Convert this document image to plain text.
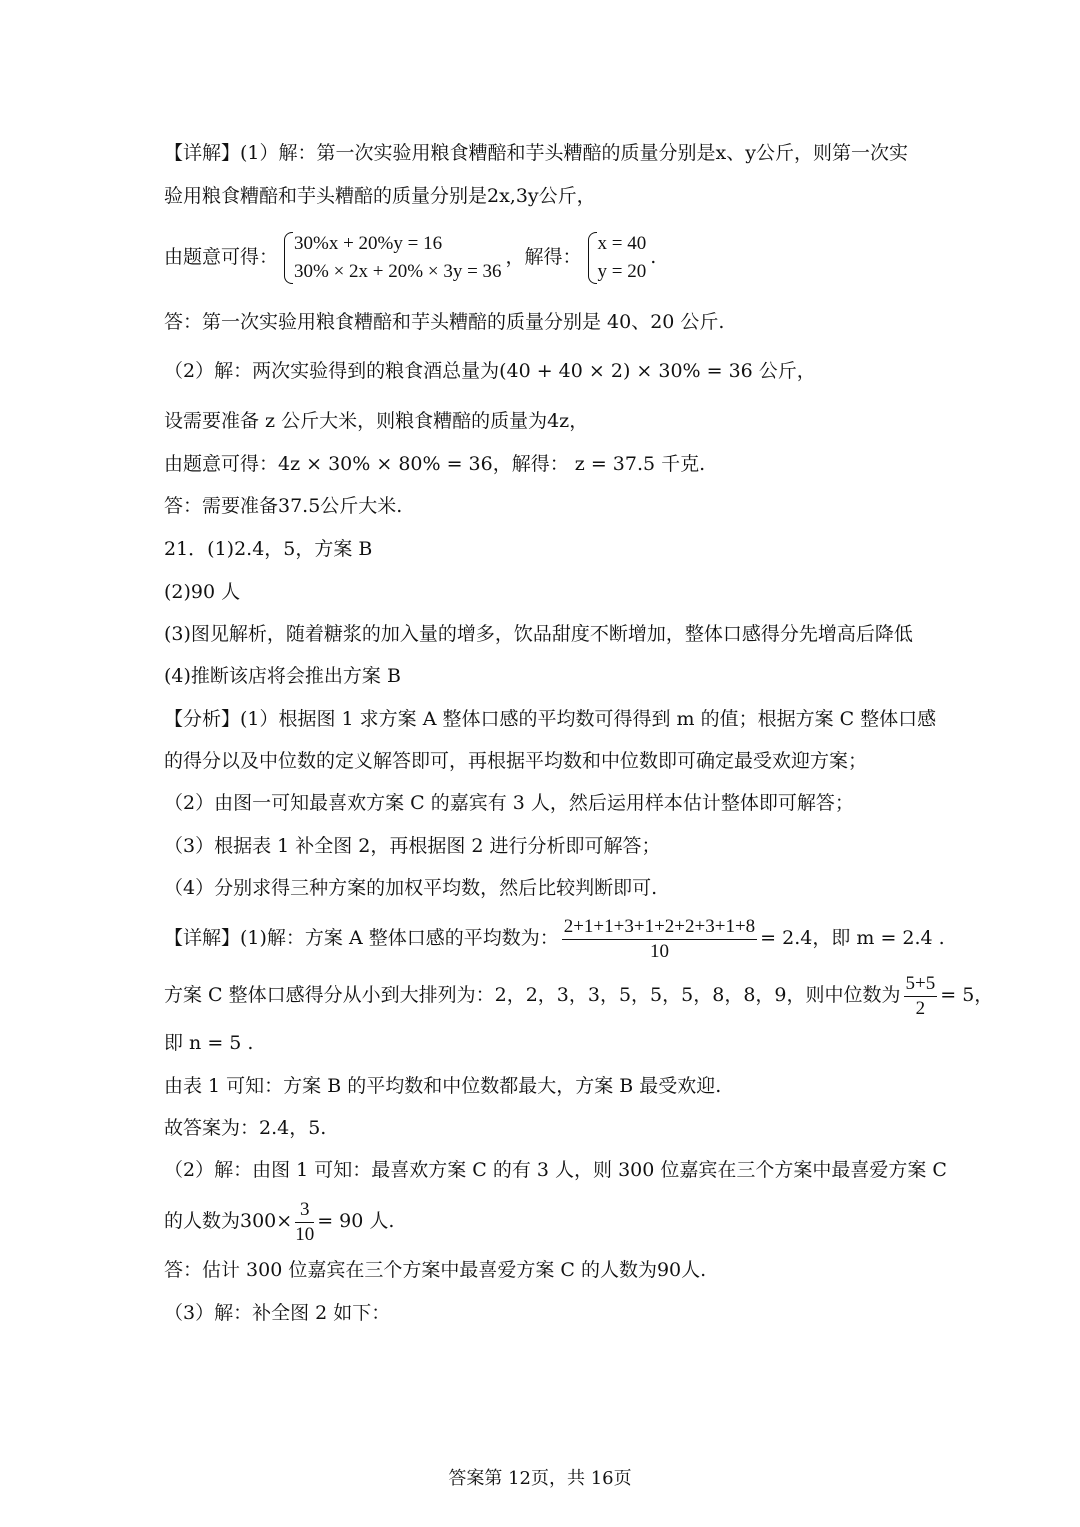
【详解】(1）解：第一次实验用粮食糟醅和芋头糟醅的质量分别是x、y公斤，则第一次实
验用粮食糟醅和芋头糟醅的质量分别是2x,3y公斤，
由题意可得：
30%x + 20%y = 16
30% × 2x + 20% × 3y = 36
，解得：
x = 40
y = 20
.
答：第一次实验用粮食糟醅和芋头糟醅的质量分别是 40、20 公斤.
（2）解：两次实验得到的粮食酒总量为(40 + 40 × 2) × 30% = 36 公斤，
设需要准备 z 公斤大米，则粮食糟醅的质量为4z，
由题意可得：4z × 30% × 80% = 36，解得： z = 37.5 千克.
答：需要准备37.5公斤大米.
21．(1)2.4，5，方案 B
(2)90 人
(3)图见解析，随着糖浆的加入量的增多，饮品甜度不断增加，整体口感得分先增高后降低
(4)推断该店将会推出方案 B
【分析】(1）根据图 1 求方案 A 整体口感的平均数可得得到 m 的值；根据方案 C 整体口感
的得分以及中位数的定义解答即可，再根据平均数和中位数即可确定最受欢迎方案；
（2）由图一可知最喜欢方案 C 的嘉宾有 3 人，然后运用样本估计整体即可解答；
（3）根据表 1 补全图 2，再根据图 2 进行分析即可解答；
（4）分别求得三种方案的加权平均数，然后比较判断即可.
【详解】(1)解：方案 A 整体口感的平均数为： $\frac{2+1+1+3+1+2+2+3+1+8}{10} = 2.4$，即 m = 2.4 .
方案 C 整体口感得分从小到大排列为：2，2，3，3，5，5，5，8，8，9，则中位数为 $\frac{5+5}{2} = 5$，
即 n = 5 .
由表 1 可知：方案 B 的平均数和中位数都最大，方案 B 最受欢迎.
故答案为：2.4，5.
（2）解：由图 1 可知：最喜欢方案 C 的有 3 人，则 300 位嘉宾在三个方案中最喜爱方案 C
的人数为$300\times \frac{3}{10} = 90$ 人.
答：估计 300 位嘉宾在三个方案中最喜爱方案 C 的人数为90人.
（3）解：补全图 2 如下：
答案第 12页，共 16页
